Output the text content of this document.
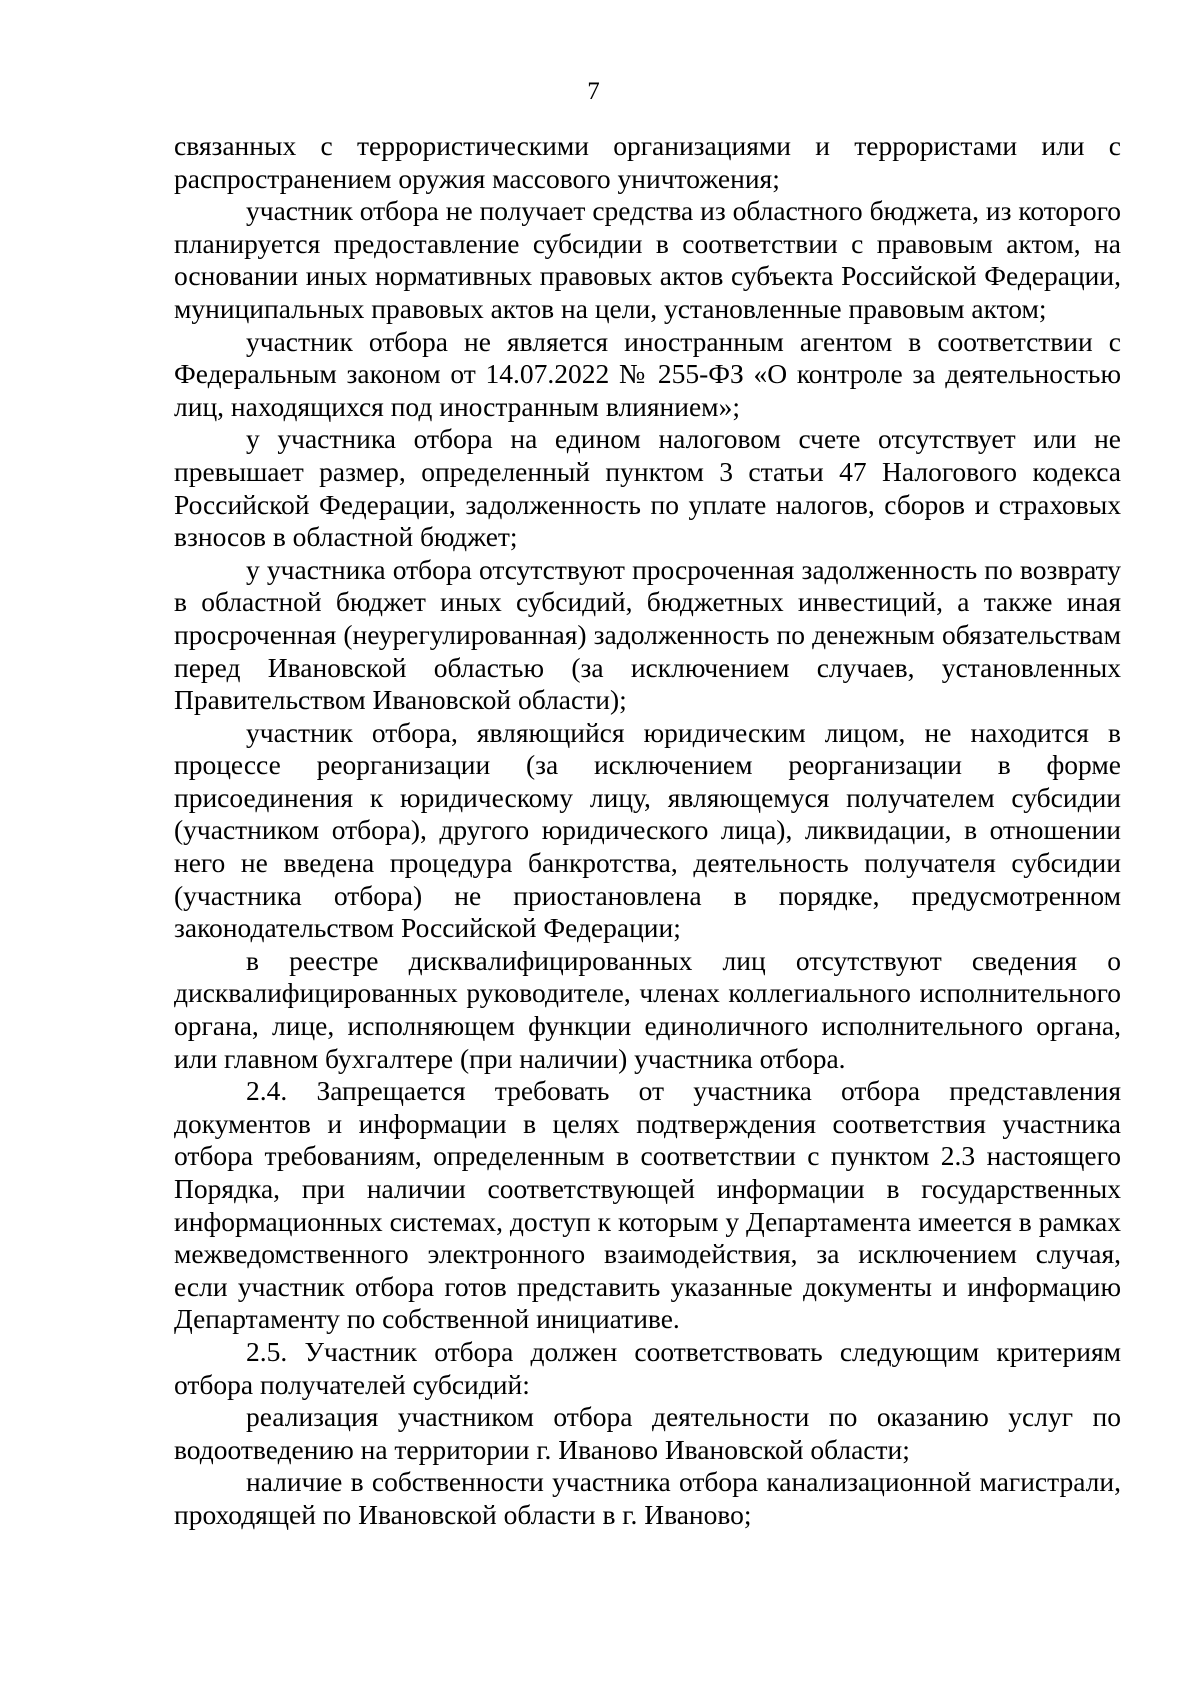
7

связанных с террористическими организациями и террористами или с распространением оружия массового уничтожения;

участник отбора не получает средства из областного бюджета, из которого планируется предоставление субсидии в соответствии с правовым актом, на основании иных нормативных правовых актов субъекта Российской Федерации, муниципальных правовых актов на цели, установленные правовым актом;

участник отбора не является иностранным агентом в соответствии с Федеральным законом от 14.07.2022 № 255-ФЗ «О контроле за деятельностью лиц, находящихся под иностранным влиянием»;

у участника отбора на едином налоговом счете отсутствует или не превышает размер, определенный пунктом 3 статьи 47 Налогового кодекса Российской Федерации, задолженность по уплате налогов, сборов и страховых взносов в областной бюджет;

у участника отбора отсутствуют просроченная задолженность по возврату в областной бюджет иных субсидий, бюджетных инвестиций, а также иная просроченная (неурегулированная) задолженность по денежным обязательствам перед Ивановской областью (за исключением случаев, установленных Правительством Ивановской области);

участник отбора, являющийся юридическим лицом, не находится в процессе реорганизации (за исключением реорганизации в форме присоединения к юридическому лицу, являющемуся получателем субсидии (участником отбора), другого юридического лица), ликвидации, в отношении него не введена процедура банкротства, деятельность получателя субсидии (участника отбора) не приостановлена в порядке, предусмотренном законодательством Российской Федерации;

в реестре дисквалифицированных лиц отсутствуют сведения о дисквалифицированных руководителе, членах коллегиального исполнительного органа, лице, исполняющем функции единоличного исполнительного органа, или главном бухгалтере (при наличии) участника отбора.

2.4. Запрещается требовать от участника отбора представления документов и информации в целях подтверждения соответствия участника отбора требованиям, определенным в соответствии с пунктом 2.3 настоящего Порядка, при наличии соответствующей информации в государственных информационных системах, доступ к которым у Департамента имеется в рамках межведомственного электронного взаимодействия, за исключением случая, если участник отбора готов представить указанные документы и информацию Департаменту по собственной инициативе.

2.5. Участник отбора должен соответствовать следующим критериям отбора получателей субсидий:

реализация участником отбора деятельности по оказанию услуг по водоотведению на территории г. Иваново Ивановской области;

наличие в собственности участника отбора канализационной магистрали, проходящей по Ивановской области в г. Иваново;
